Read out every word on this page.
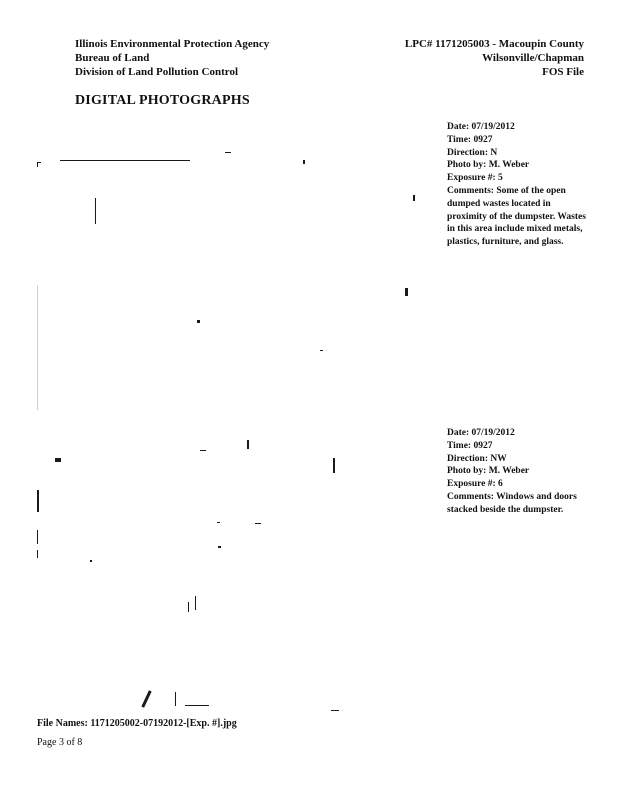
Illinois Environmental Protection Agency
Bureau of Land
Division of Land Pollution Control
LPC# 1171205003 - Macoupin County
Wilsonville/Chapman
FOS File
DIGITAL PHOTOGRAPHS
Date: 07/19/2012
Time: 0927
Direction: N
Photo by: M. Weber
Exposure #: 5
Comments: Some of the open dumped wastes located in proximity of the dumpster. Wastes in this area include mixed metals, plastics, furniture, and glass.
Date: 07/19/2012
Time: 0927
Direction: NW
Photo by: M. Weber
Exposure #: 6
Comments: Windows and doors stacked beside the dumpster.
File Names: 1171205002-07192012-[Exp. #].jpg
Page 3 of 8
